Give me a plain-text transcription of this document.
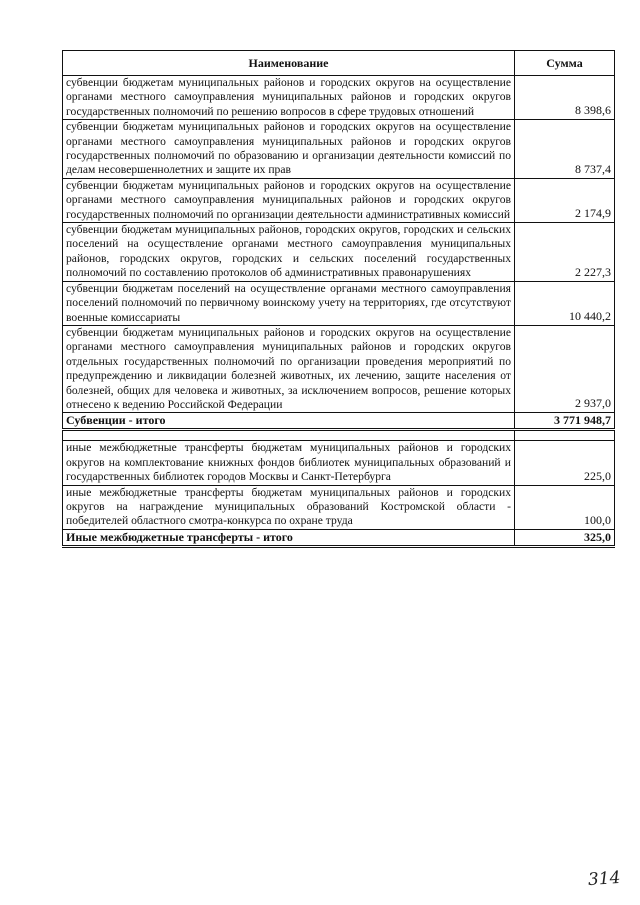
Наименование	Сумма
субвенции бюджетам муниципальных районов и городских округов на осуществление органами местного самоуправления муниципальных районов и городских округов государственных полномочий по решению вопросов в сфере трудовых отношений	8 398,6
субвенции бюджетам муниципальных районов и городских округов на осуществление органами местного самоуправления муниципальных районов и городских округов государственных полномочий по образованию и организации деятельности комиссий по делам несовершеннолетних и защите их прав	8 737,4
субвенции бюджетам муниципальных районов и городских округов на осуществление органами местного самоуправления муниципальных районов и городских округов государственных полномочий по организации деятельности административных комиссий	2 174,9
субвенции бюджетам муниципальных районов, городских округов, городских и сельских поселений на осуществление органами местного самоуправления муниципальных районов, городских округов, городских и сельских поселений государственных полномочий по составлению протоколов об административных правонарушениях	2 227,3
субвенции бюджетам поселений на осуществление органами местного самоуправления поселений полномочий по первичному воинскому учету на территориях, где отсутствуют военные комиссариаты	10 440,2
субвенции бюджетам муниципальных районов и городских округов на осуществление органами местного самоуправления муниципальных районов и городских округов отдельных государственных полномочий по организации проведения мероприятий по предупреждению и ликвидации болезней животных, их лечению, защите населения от болезней, общих для человека и животных, за исключением вопросов, решение которых отнесено к ведению Российской Федерации	2 937,0
Субвенции - итого	3 771 948,7

иные межбюджетные трансферты бюджетам муниципальных районов и городских округов на комплектование книжных фондов библиотек муниципальных образований и государственных библиотек городов Москвы и Санкт-Петербурга	225,0
иные межбюджетные трансферты бюджетам муниципальных районов и городских округов на награждение муниципальных образований Костромской области - победителей областного смотра-конкурса по охране труда	100,0
Иные межбюджетные трансферты - итого	325,0
314
